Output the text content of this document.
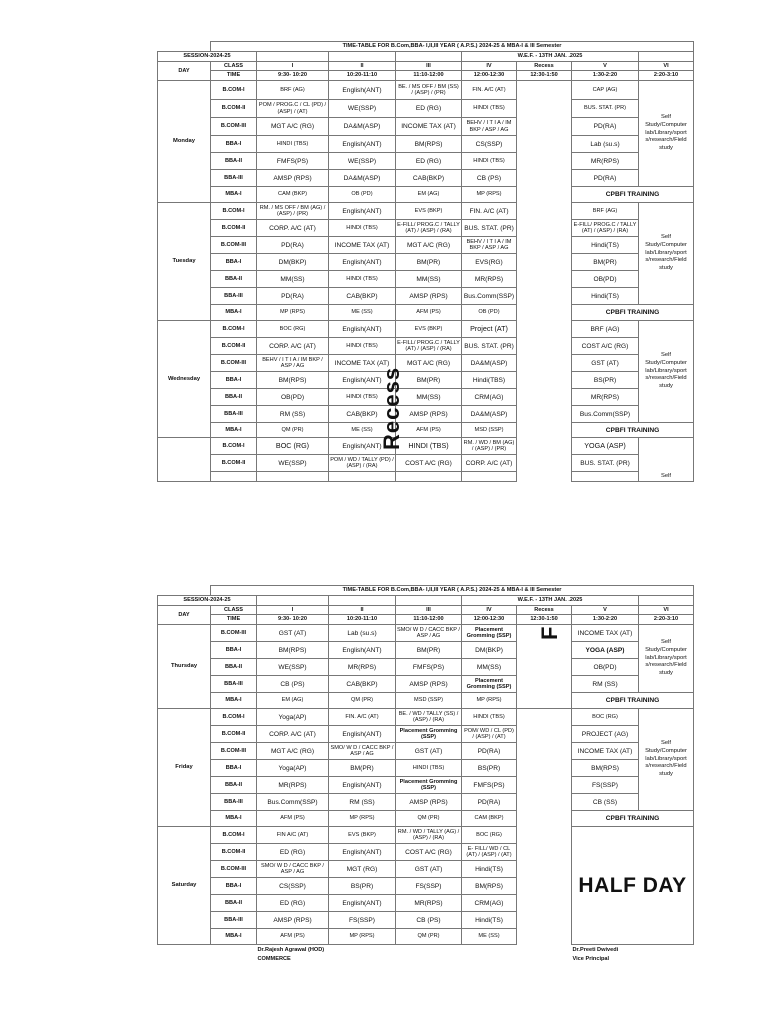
	TIME-TABLE FOR B.Com,BBA- I,II,III YEAR ( A.P.S.) 2024-25 & MBA-I & III Semester							
SESSION-2024-25					W.E.F. - 13TH JAN. .2025			
DAY	CLASS	I	II	III	IV	Recess	V	VI
	TIME	9:30- 10:20	10:20-11:10	11:10-12:00	12:00-12:30	12:30-1:50	1:30-2:20	2:20-3:10
Monday	B.COM-I	BRF (AG)	English(ANT)	BE. / MS OFF / BM (SS) / (ASP) / (PR)	FIN. A/C (AT)		CAP (AG)	Self Study/Computer lab/Library/sport s/research/Field study
	B.COM-II	POM / PROG.C / CL (PD) / (ASP) / (AT)	WE(SSP)	ED (RG)	HINDI (TBS)		BUS. STAT. (PR)	
	B.COM-III	MGT A/C (RG)	DA&M(ASP)	INCOME TAX (AT)	BEHV / I T I A / IM BKP / ASP / AG		PD(RA)	
	BBA-I	HINDI (TBS)	English(ANT)	BM(RPS)	CS(SSP)		Lab (su.s)	
	BBA-II	FMFS(PS)	WE(SSP)	ED (RG)	HINDI (TBS)		MR(RPS)	
	BBA-III	AMSP (RPS)	DA&M(ASP)	CAB(BKP)	CB (PS)		PD(RA)	
	MBA-I	CAM (BKP)	OB (PD)	EM (AG)	MP (RPS)		CPBFI TRAINING	
Tuesday	B.COM-I	RM. / MS OFF / BM (AG) / (ASP) / (PR)	English(ANT)	EVS (BKP)	FIN. A/C (AT)		BRF (AG)	Self Study/Computer lab/Library/sport s/research/Field study
	B.COM-II	CORP. A/C (AT)	HINDI (TBS)	E-FILL/ PROG.C / TALLY (AT) / (ASP) / (RA)	BUS. STAT. (PR)		E-FILL/ PROG.C / TALLY (AT) / (ASP) / (RA)	
	B.COM-III	PD(RA)	INCOME TAX (AT)	MGT A/C (RG)	BEHV / I T I A / IM BKP / ASP / AG		Hindi(TS)	
	BBA-I	DM(BKP)	English(ANT)	BM(PR)	EVS(RG)		BM(PR)	
	BBA-II	MM(SS)	HINDI (TBS)	MM(SS)	MR(RPS)		OB(PD)	
	BBA-III	PD(RA)	CAB(BKP)	AMSP (RPS)	Bus.Comm(SSP)		Hindi(TS)	
	MBA-I	MP (RPS)	ME (SS)	AFM (PS)	OB (PD)		CPBFI TRAINING	
Wednesday	B.COM-I	BOC (RG)	English(ANT)	EVS (BKP)	Project (AT)		BRF (AG)	Self Study/Computer lab/Library/sport s/research/Field study
	B.COM-II	CORP. A/C (AT)	HINDI (TBS)	E-FILL/ PROG.C / TALLY (AT) / (ASP) / (RA)	BUS. STAT. (PR)		COST A/C (RG)	
	B.COM-III	BEHV / I T I A / IM BKP / ASP / AG	INCOME TAX (AT)	MGT A/C (RG)	DA&M(ASP)		GST (AT)	
	BBA-I	BM(RPS)	English(ANT)	BM(PR)	Hindi(TBS)		BS(PR)	
	BBA-II	OB(PD)	HINDI (TBS)	MM(SS)	CRM(AG)		MR(RPS)	
	BBA-III	RM (SS)	CAB(BKP)	AMSP (RPS)	DA&M(ASP)		Bus.Comm(SSP)	
	MBA-I	QM (PR)	ME (SS)	AFM (PS)	MSD (SSP)		CPBFI TRAINING	
	B.COM-I	BOC (RG)	English(ANT)	HINDI (TBS)	RM. / WD / BM (AG) / (ASP) / (PR)		YOGA (ASP)	Self
	B.COM-II	WE(SSP)	POM / WD / TALLY (PD) / (ASP) / (RA)	COST A/C (RG)	CORP. A/C (AT)		BUS. STAT. (PR)	

Recess
	TIME-TABLE FOR B.Com,BBA- I,II,III YEAR ( A.P.S.) 2024-25 & MBA-I & III Semester							
SESSION-2024-25					W.E.F. - 13TH JAN. .2025			
DAY	CLASS	I	II	III	IV	Recess	V	VI
	TIME	9:30- 10:20	10:20-11:10	11:10-12:00	12:00-12:30	12:30-1:50	1:30-2:20	2:20-3:10
Thursday	B.COM-III	GST (AT)	Lab (su.s)	SMO/ W D / CACC BKP / ASP / AG	Placement Gromming (SSP)		INCOME TAX (AT)	Self Study/Computer lab/Library/sport s/research/Field study
	BBA-I	BM(RPS)	English(ANT)	BM(PR)	DM(BKP)		YOGA (ASP)	
	BBA-II	WE(SSP)	MR(RPS)	FMFS(PS)	MM(SS)		OB(PD)	
	BBA-III	CB (PS)	CAB(BKP)	AMSP (RPS)	Placement Gromming (SSP)		RM (SS)	
	MBA-I	EM (AG)	QM (PR)	MSD (SSP)	MP (RPS)		CPBFI TRAINING	
Friday	B.COM-I	Yoga(AP)	FIN. A/C (AT)	BE. / WD / TALLY (SS) / (ASP) / (RA)	HINDI (TBS)		BOC (RG)	Self Study/Computer lab/Library/sport s/research/Field study
	B.COM-II	CORP. A/C (AT)	English(ANT)	Placement Gromming (SSP)	POM/ WD / CL (PD) / (ASP) / (AT)		PROJECT (AG)	
	B.COM-III	MGT A/C (RG)	SMO/ W D / CACC BKP / ASP / AG	GST (AT)	PD(RA)		INCOME TAX (AT)	
	BBA-I	Yoga(AP)	BM(PR)	HINDI (TBS)	BS(PR)		BM(RPS)	
	BBA-II	MR(RPS)	English(ANT)	Placement Gromming (SSP)	FMFS(PS)		FS(SSP)	
	BBA-III	Bus.Comm(SSP)	RM (SS)	AMSP (RPS)	PD(RA)		CB (SS)	
	MBA-I	AFM (PS)	MP (RPS)	QM (PR)	CAM (BKP)		CPBFI TRAINING	
Saturday	B.COM-I	FIN A/C (AT)	EVS (BKP)	RM. / WD / TALLY (AG) / (ASP) / (RA)	BOC (RG)		HALF DAY	
	B.COM-II	ED (RG)	English(ANT)	COST A/C (RG)	E- FILL/ WD / CL (AT) / (ASP) / (AT)			
	B.COM-III	SMO/ W D / CACC BKP / ASP / AG	MGT (RG)	GST (AT)	Hindi(TS)			
	BBA-I	CS(SSP)	BS(PR)	FS(SSP)	BM(RPS)			
	BBA-II	ED (RG)	English(ANT)	MR(RPS)	CRM(AG)			
	BBA-III	AMSP (RPS)	FS(SSP)	CB (PS)	Hindi(TS)			
	MBA-I	AFM (PS)	MP (RPS)	QM (PR)	ME (SS)			
		Dr.Rajesh Agrawal (HOD)					Dr.Preeti Dwivedi	
		COMMERCE					Vice Principal	
F
